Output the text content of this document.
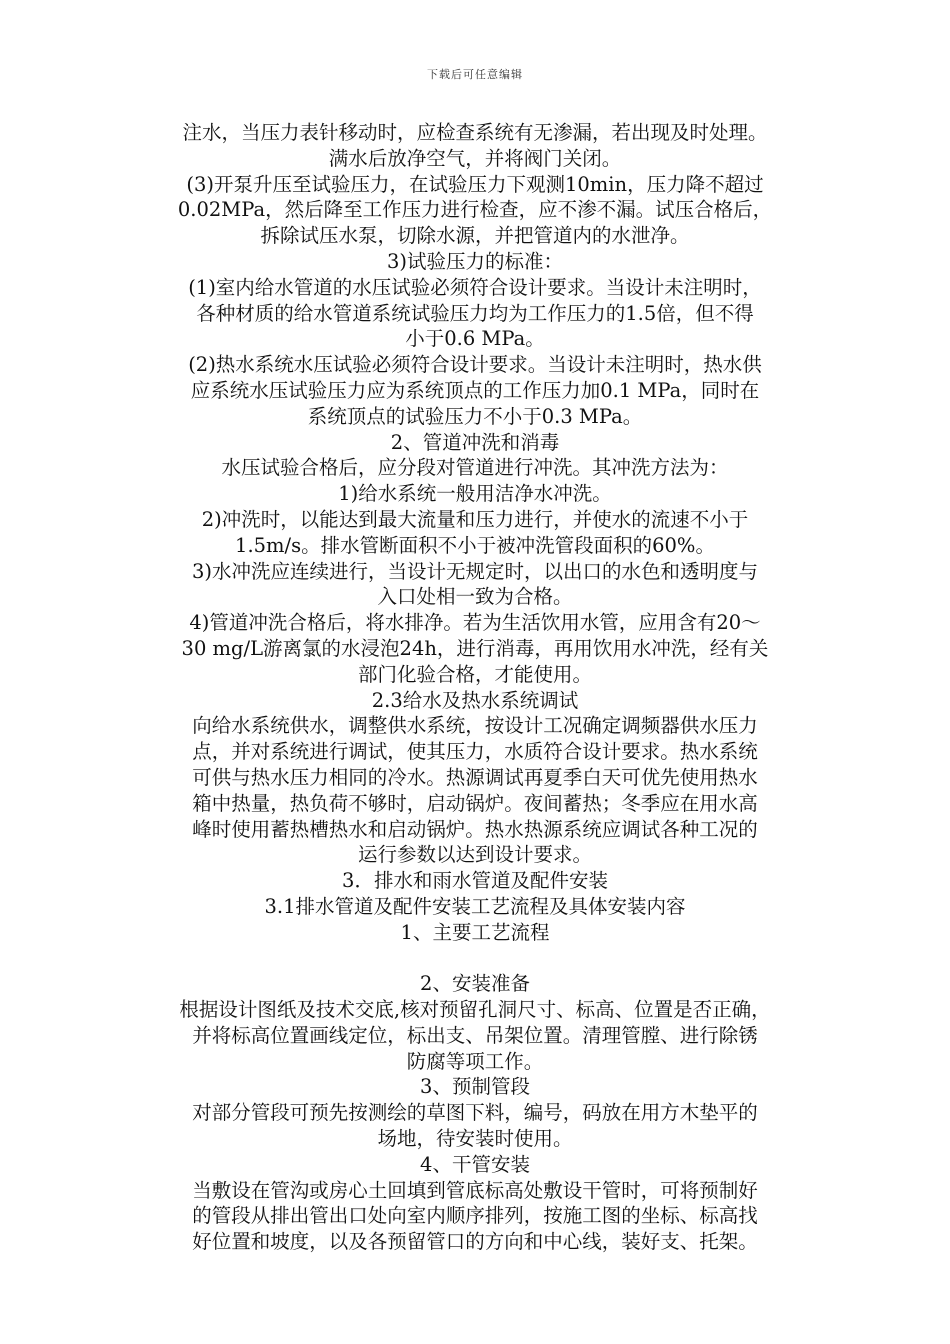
下载后可任意编辑
注水，当压力表针移动时，应检查系统有无渗漏，若出现及时处理。
满水后放净空气，并将阀门关闭。
(3)开泵升压至试验压力，在试验压力下观测10min，压力降不超过
0.02MPa，然后降至工作压力进行检查，应不渗不漏。试压合格后，
拆除试压水泵，切除水源，并把管道内的水泄净。
3)试验压力的标准：
(1)室内给水管道的水压试验必须符合设计要求。当设计未注明时，
各种材质的给水管道系统试验压力均为工作压力的1.5倍，但不得
小于0.6 MPa。
(2)热水系统水压试验必须符合设计要求。当设计未注明时，热水供
应系统水压试验压力应为系统顶点的工作压力加0.1 MPa，同时在
系统顶点的试验压力不小于0.3 MPa。
2、管道冲洗和消毒
水压试验合格后，应分段对管道进行冲洗。其冲洗方法为：
1)给水系统一般用洁净水冲洗。
2)冲洗时，以能达到最大流量和压力进行，并使水的流速不小于
1.5m/s。排水管断面积不小于被冲洗管段面积的60%。
3)水冲洗应连续进行，当设计无规定时，以出口的水色和透明度与
入口处相一致为合格。
4)管道冲洗合格后，将水排净。若为生活饮用水管，应用含有20～
30 mg/L游离氯的水浸泡24h，进行消毒，再用饮用水冲洗，经有关
部门化验合格，才能使用。
2.3给水及热水系统调试
向给水系统供水，调整供水系统，按设计工况确定调频器供水压力
点，并对系统进行调试，使其压力，水质符合设计要求。热水系统
可供与热水压力相同的冷水。热源调试再夏季白天可优先使用热水
箱中热量，热负荷不够时，启动锅炉。夜间蓄热；冬季应在用水高
峰时使用蓄热槽热水和启动锅炉。热水热源系统应调试各种工况的
运行参数以达到设计要求。
3．排水和雨水管道及配件安装
3.1排水管道及配件安装工艺流程及具体安装内容
1、主要工艺流程
2、安装准备
根据设计图纸及技术交底,核对预留孔洞尺寸、标高、位置是否正确，
并将标高位置画线定位，标出支、吊架位置。清理管膛、进行除锈
防腐等项工作。
3、预制管段
对部分管段可预先按测绘的草图下料，编号，码放在用方木垫平的
场地，待安装时使用。
4、干管安装
当敷设在管沟或房心土回填到管底标高处敷设干管时，可将预制好
的管段从排出管出口处向室内顺序排列，按施工图的坐标、标高找
好位置和坡度，以及各预留管口的方向和中心线，装好支、托架。
